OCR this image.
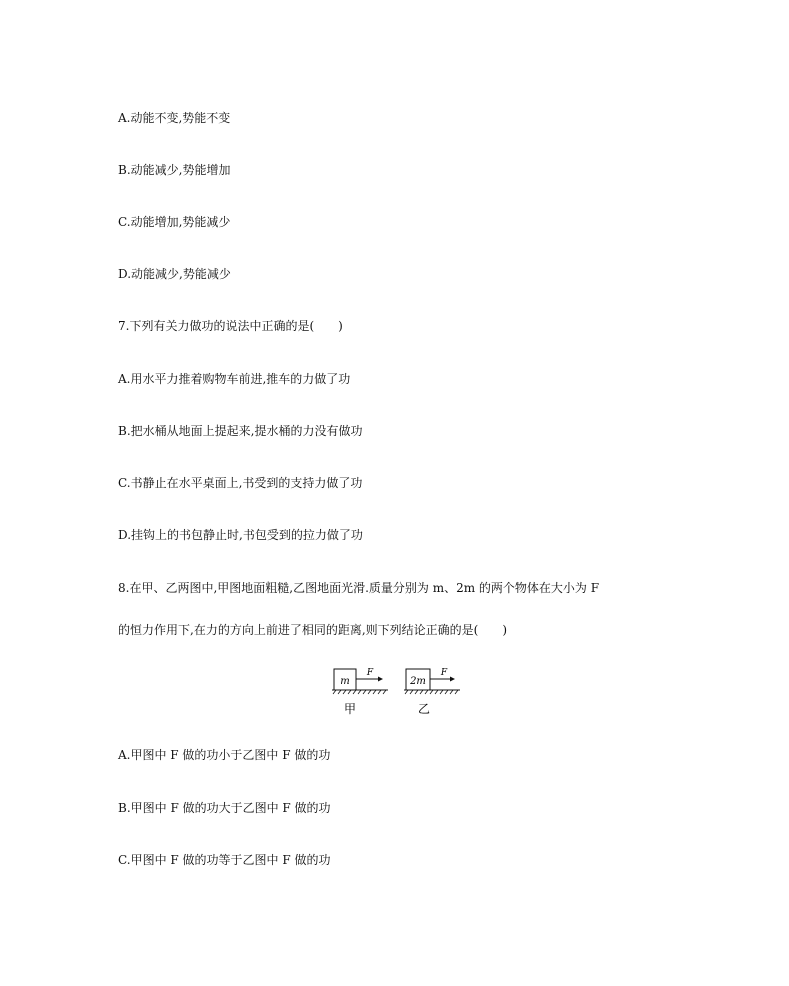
A.动能不变,势能不变
B.动能减少,势能增加
C.动能增加,势能减少
D.动能减少,势能减少
7.下列有关力做功的说法中正确的是(　　)
A.用水平力推着购物车前进,推车的力做了功
B.把水桶从地面上提起来,提水桶的力没有做功
C.书静止在水平桌面上,书受到的支持力做了功
D.挂钩上的书包静止时,书包受到的拉力做了功
8.在甲、乙两图中,甲图地面粗糙,乙图地面光滑.质量分别为 m、2m 的两个物体在大小为 F
的恒力作用下,在力的方向上前进了相同的距离,则下列结论正确的是(　　)
m
F
甲
2m
F
乙
A.甲图中 F 做的功小于乙图中 F 做的功
B.甲图中 F 做的功大于乙图中 F 做的功
C.甲图中 F 做的功等于乙图中 F 做的功
